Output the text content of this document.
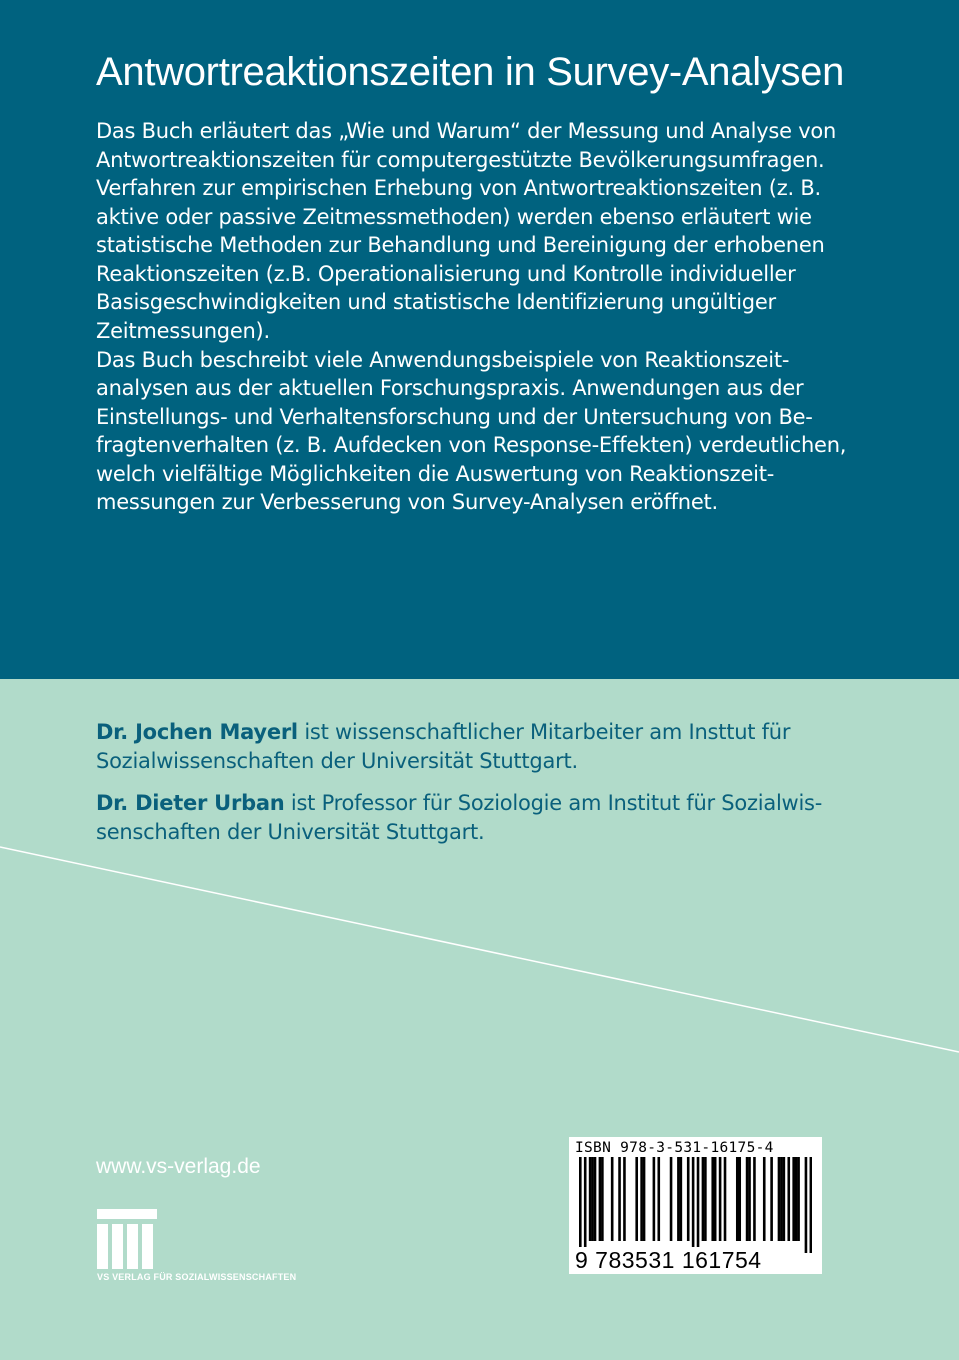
Antwortreaktionszeiten in Survey-Analysen
Das Buch erläutert das „Wie und Warum“ der Messung und Analyse von
Antwortreaktionszeiten für computergestützte Bevölkerungsumfragen.
Verfahren zur empirischen Erhebung von Antwortreaktionszeiten (z. B.
aktive oder passive Zeitmessmethoden) werden ebenso erläutert wie
statistische Methoden zur Behandlung und Bereinigung der erhobenen
Reaktionszeiten (z.B. Operationalisierung und Kontrolle individueller
Basisgeschwindigkeiten und statistische Identifizierung ungültiger
Zeitmessungen).
Das Buch beschreibt viele Anwendungsbeispiele von Reaktionszeit-
analysen aus der aktuellen Forschungspraxis. Anwendungen aus der
Einstellungs- und Verhaltensforschung und der Untersuchung von Be-
fragtenverhalten (z. B. Aufdecken von Response-Effekten) verdeutlichen,
welch vielfältige Möglichkeiten die Auswertung von Reaktionszeit-
messungen zur Verbesserung von Survey-Analysen eröffnet.
Dr. Jochen Mayerl ist wissenschaftlicher Mitarbeiter am Insttut für
Sozialwissenschaften der Universität Stuttgart.
Dr. Dieter Urban ist Professor für Soziologie am Institut für Sozialwis-
senschaften der Universität Stuttgart.
www.vs-verlag.de
VS VERLAG FÜR SOZIALWISSENSCHAFTEN
ISBN 978-3-531-16175-4
9 783531 161754
